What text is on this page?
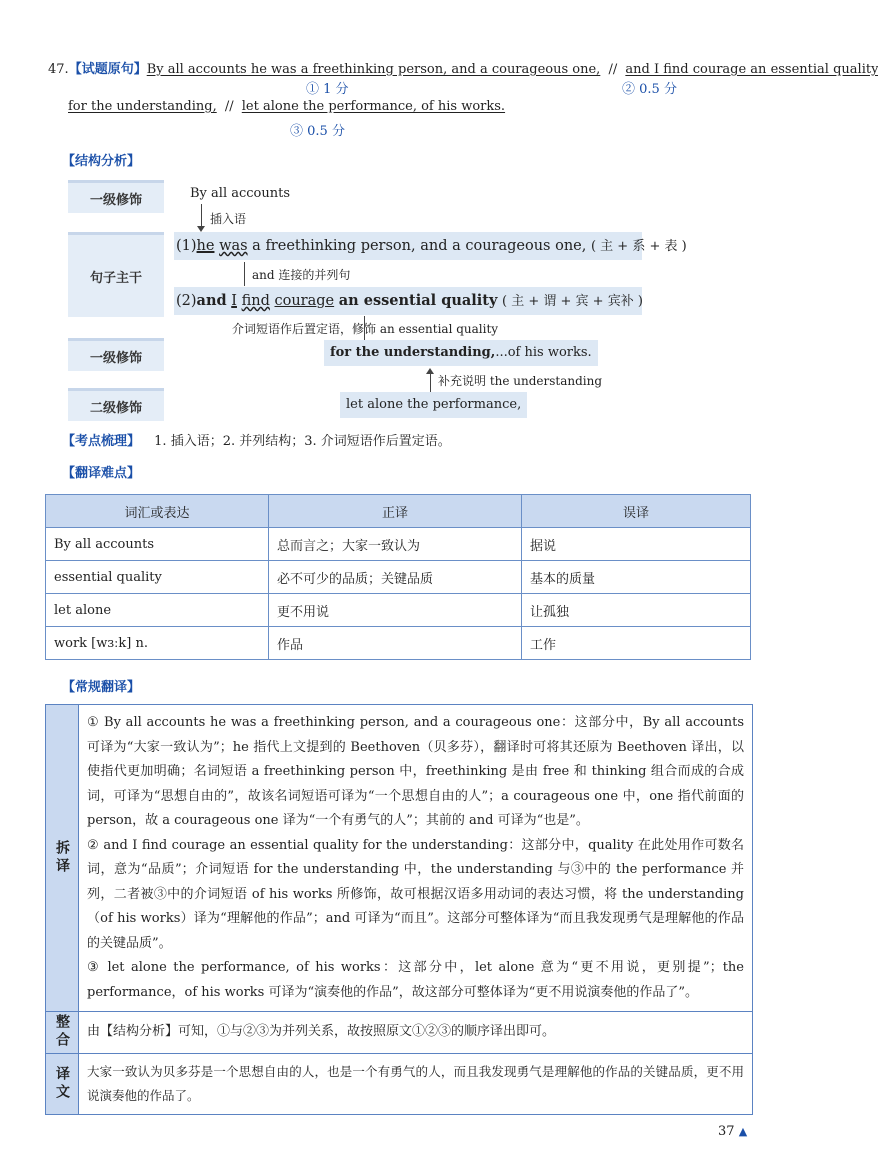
47.【试题原句】By all accounts he was a freethinking person, and a courageous one, // and I find courage an essential quality
① 1 分	② 0.5 分
for the understanding, // let alone the performance, of his works.
③ 0.5 分
【结构分析】
一级修饰
句子主干
一级修饰
二级修饰
By all accounts
插入语
(1)he was a freethinking person, and a courageous one, ( 主 + 系 + 表 )
and 连接的并列句
(2)and I find courage an essential quality ( 主 + 谓 + 宾 + 宾补 )
介词短语作后置定语，修饰 an essential quality
for the understanding,...of his works.
补充说明 the understanding
let alone the performance,
【考点梳理】 1. 插入语；2. 并列结构；3. 介词短语作后置定语。
【翻译难点】
词汇或表达	正译	误译
By all accounts	总而言之；大家一致认为	据说
essential quality	必不可少的品质；关键品质	基本的质量
let alone	更不用说	让孤独
work [wɜːk] n.	作品	工作
【常规翻译】
拆译

① By all accounts he was a freethinking person, and a courageous one：这部分中，By all accounts 可译为“大家一致认为”；he 指代上文提到的 Beethoven（贝多芬），翻译时可将其还原为 Beethoven 译出，以使指代更加明确；名词短语 a freethinking person 中，freethinking 是由 free 和 thinking 组合而成的合成词，可译为“思想自由的”，故该名词短语可译为“一个思想自由的人”；a courageous one 中，one 指代前面的 person，故 a courageous one 译为“一个有勇气的人”；其前的 and 可译为“也是”。

② and I find courage an essential quality for the understanding：这部分中，quality 在此处用作可数名词，意为“品质”；介词短语 for the understanding 中，the understanding 与③中的 the performance 并列，二者被③中的介词短语 of his works 所修饰，故可根据汉语多用动词的表达习惯，将 the understanding（of his works）译为“理解他的作品”；and 可译为“而且”。这部分可整体译为“而且我发现勇气是理解他的作品的关键品质”。

③ let alone the performance, of his works：这部分中，let alone 意为“更不用说，更别提”；the performance，of his works 可译为“演奏他的作品”，故这部分可整体译为“更不用说演奏他的作品了”。

整合	由【结构分析】可知，①与②③为并列关系，故按照原文①②③的顺序译出即可。
译文	大家一致认为贝多芬是一个思想自由的人，也是一个有勇气的人，而且我发现勇气是理解他的作品的关键品质，更不用说演奏他的作品了。
37 ▲
